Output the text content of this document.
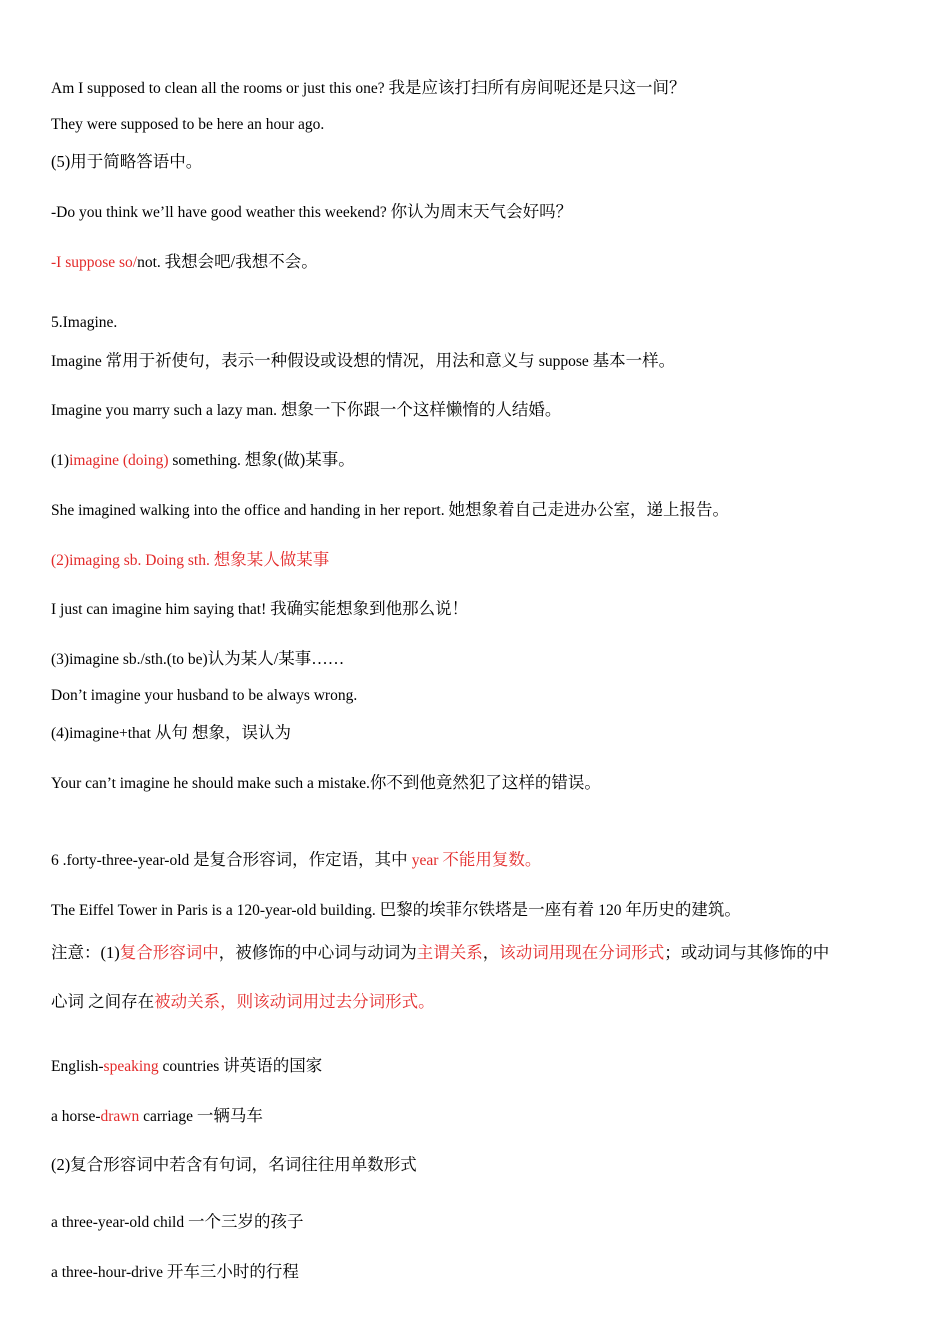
Am I supposed to clean all the rooms or just this one? 我是应该打扫所有房间呢还是只这一间？
They were supposed to be here an hour ago.
(5)用于简略答语中。
-Do you think we’ll have good weather this weekend? 你认为周末天气会好吗？
-I suppose so/not. 我想会吧/我想不会。
5.Imagine.
Imagine 常用于祈使句，表示一种假设或设想的情况，用法和意义与 suppose 基本一样。
Imagine you marry such a lazy man. 想象一下你跟一个这样懒惰的人结婚。
(1)imagine (doing) something. 想象(做)某事。
She imagined walking into the office and handing in her report. 她想象着自己走进办公室，递上报告。
(2)imaging sb. Doing sth. 想象某人做某事
I just can imagine him saying that! 我确实能想象到他那么说！
(3)imagine sb./sth.(to be)认为某人/某事……
Don’t imagine your husband to be always wrong.
(4)imagine+that 从句 想象，误认为
Your can’t imagine he should make such a mistake.你不到他竟然犯了这样的错误。
6 .forty-three-year-old 是复合形容词，作定语，其中 year 不能用复数。
The Eiffel Tower in Paris is a 120-year-old building. 巴黎的埃菲尔铁塔是一座有着 120 年历史的建筑。
注意：(1)复合形容词中，被修饰的中心词与动词为主谓关系，该动词用现在分词形式；或动词与其修饰的中
心词 之间存在被动关系，则该动词用过去分词形式。
English-speaking countries 讲英语的国家
a horse-drawn carriage 一辆马车
(2)复合形容词中若含有句词，名词往往用单数形式
a three-year-old child 一个三岁的孩子
a three-hour-drive 开车三小时的行程
